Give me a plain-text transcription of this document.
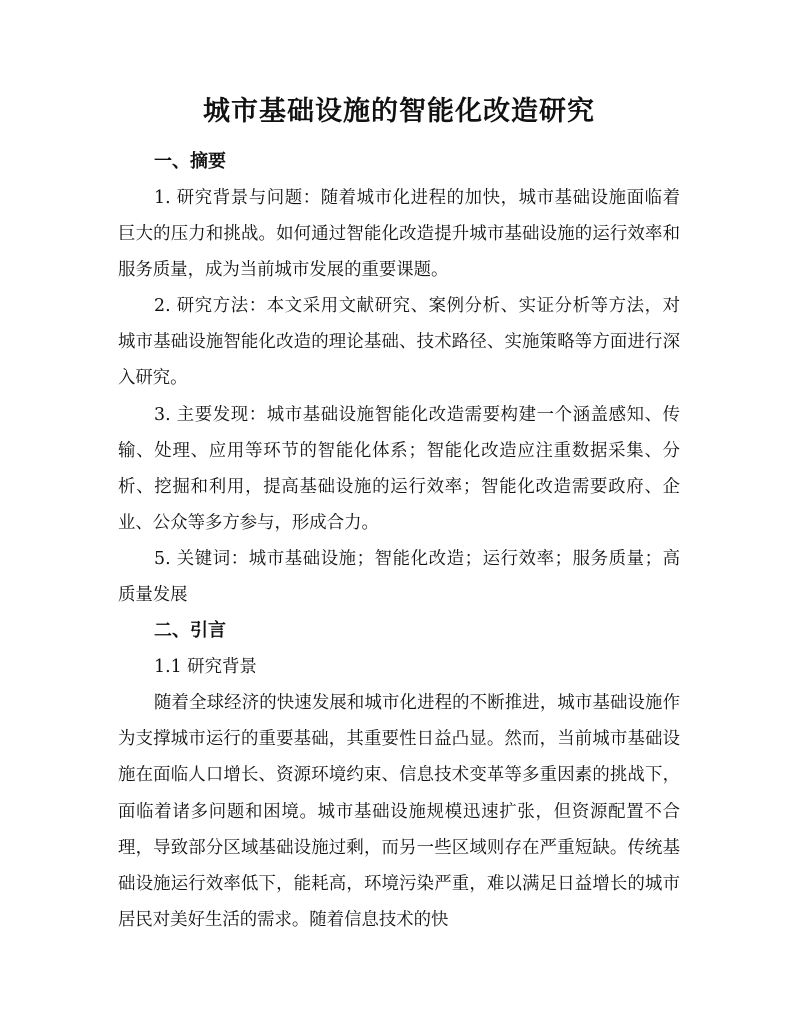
城市基础设施的智能化改造研究
一、摘要

1. 研究背景与问题：随着城市化进程的加快，城市基础设施面临着巨大的压力和挑战。如何通过智能化改造提升城市基础设施的运行效率和服务质量，成为当前城市发展的重要课题。

2. 研究方法：本文采用文献研究、案例分析、实证分析等方法，对城市基础设施智能化改造的理论基础、技术路径、实施策略等方面进行深入研究。

3. 主要发现：城市基础设施智能化改造需要构建一个涵盖感知、传输、处理、应用等环节的智能化体系；智能化改造应注重数据采集、分析、挖掘和利用，提高基础设施的运行效率；智能化改造需要政府、企业、公众等多方参与，形成合力。

5. 关键词：城市基础设施；智能化改造；运行效率；服务质量；高质量发展

二、引言

1.1 研究背景

随着全球经济的快速发展和城市化进程的不断推进，城市基础设施作为支撑城市运行的重要基础，其重要性日益凸显。然而，当前城市基础设施在面临人口增长、资源环境约束、信息技术变革等多重因素的挑战下，面临着诸多问题和困境。城市基础设施规模迅速扩张，但资源配置不合理，导致部分区域基础设施过剩，而另一些区域则存在严重短缺。传统基础设施运行效率低下，能耗高，环境污染严重，难以满足日益增长的城市居民对美好生活的需求。随着信息技术的快
